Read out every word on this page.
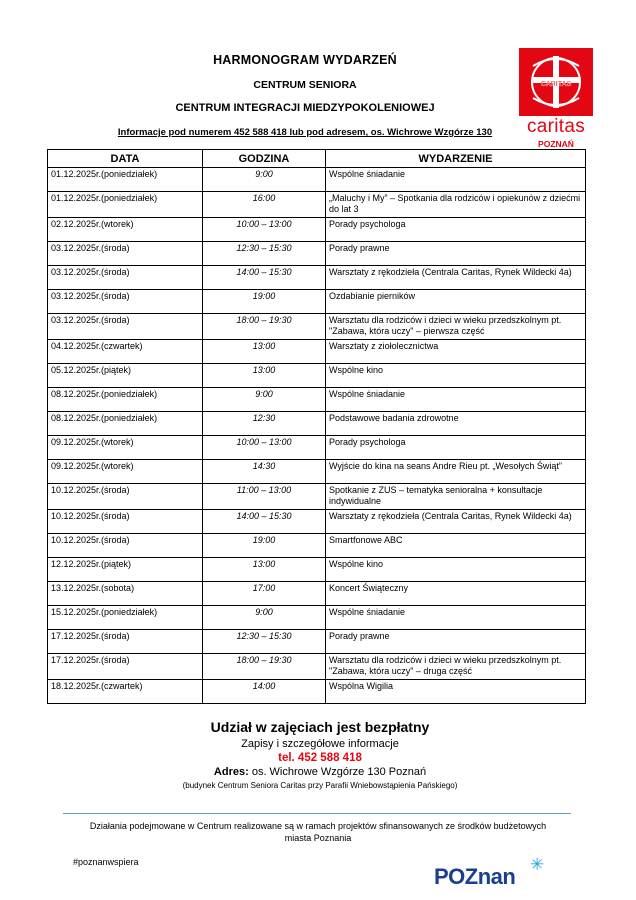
HARMONOGRAM WYDARZEŃ
CENTRUM SENIORA
CENTRUM INTEGRACJI MIEDZYPOKOLENIOWEJ
Informacje pod numerem 452 588 418 lub pod adresem, os. Wichrowe Wzgórze 130
CARITAS
caritas
POZNAŃ
DATA	GODZINA	WYDARZENIE
01.12.2025r.(poniedziałek)	9:00	Wspólne śniadanie
01.12.2025r.(poniedziałek)	16:00	„Maluchy i My” – Spotkania dla rodziców i opiekunów z dziećmi do lat 3
02.12.2025r.(wtorek)	10:00 – 13:00	Porady psychologa
03.12.2025r.(środa)	12:30 – 15:30	Porady prawne
03.12.2025r.(środa)	14:00 – 15:30	Warsztaty z rękodzieła (Centrala Caritas, Rynek Wildecki 4a)
03.12.2025r.(środa)	19:00	Ozdabianie pierników
03.12.2025r.(środa)	18:00 – 19:30	Warsztatu dla rodziców i dzieci w wieku przedszkolnym pt. "Zabawa, która uczy" – pierwsza część
04.12.2025r.(czwartek)	13:00	Warsztaty z ziołolecznictwa
05.12.2025r.(piątek)	13:00	Wspólne kino
08.12.2025r.(poniedziałek)	9:00	Wspólne śniadanie
08.12.2025r.(poniedziałek)	12:30	Podstawowe badania zdrowotne
09.12.2025r.(wtorek)	10:00 – 13:00	Porady psychologa
09.12.2025r.(wtorek)	14:30	Wyjście do kina na seans Andre Rieu pt. „Wesołych Świąt”
10.12.2025r.(środa)	11:00 – 13:00	Spotkanie z ZUS – tematyka senioralna + konsultacje indywidualne
10.12.2025r.(środa)	14:00 – 15:30	Warsztaty z rękodzieła (Centrala Caritas, Rynek Wildecki 4a)
10.12.2025r.(środa)	19:00	Smartfonowe ABC
12.12.2025r.(piątek)	13:00	Wspólne kino
13.12.2025r.(sobota)	17:00	Koncert Świąteczny
15.12.2025r.(poniedziałek)	9:00	Wspólne śniadanie
17.12.2025r.(środa)	12:30 – 15:30	Porady prawne
17.12.2025r.(środa)	18:00 – 19:30	Warsztatu dla rodziców i dzieci w wieku przedszkolnym pt. "Zabawa, która uczy" – druga część
18.12.2025r.(czwartek)	14:00	Wspólna Wigilia
Udział w zajęciach jest bezpłatny
Zapisy i szczegółowe informacje
tel. 452 588 418
Adres: os. Wichrowe Wzgórze 130 Poznań
(budynek Centrum Seniora Caritas przy Parafii Wniebowstąpienia Pańskiego)
Działania podejmowane w Centrum realizowane są w ramach projektów sfinansowanych ze środków budżetowych miasta Poznania
#poznanwspiera
POZnan ✳
